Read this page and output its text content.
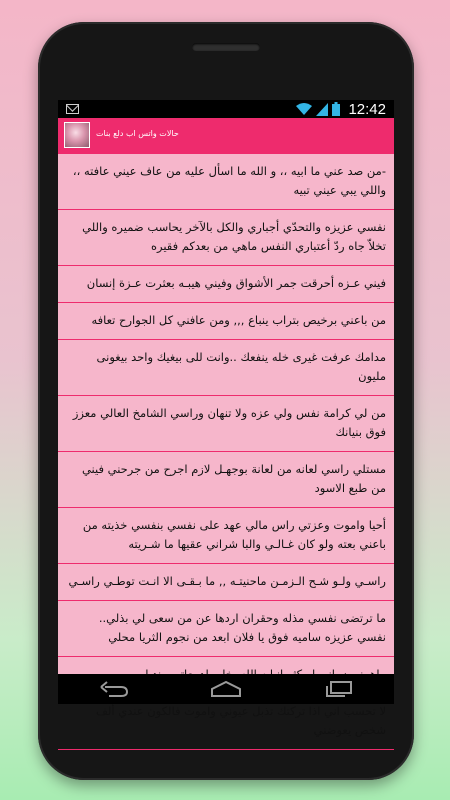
12:42
حالات واتس اب دلع بنات
-من صد عني ما ابيه ،، و الله ما اسأل عليه من عاف عيني عافته ،، واللي يبي عيني تبيه
نفسي عزيزه والتحدّي أجباري والكل بالآخر يحاسب ضميره واللي تخلاّ جاه ردّ أعتباري النفس ماهي من بعدكم فقيره
فيني عـزه أحرقت جمر الأشواق وفيني هيبـه بعثرت عـزة إنسان
من باعني برخيص بتراب ينباع ,,, ومن عافني كل الجوارح تعافه
مدامك عرفت غيرى خله ينفعك ..وانت للى بيغيك واحد بيغونى مليون
من لي كرامة نفس ولي عزه ولا تنهان وراسي الشامخ العالي معزز فوق بنيانك
مستلي راسي لعانه من لعانة بوجهـل لازم اجرح من جرحني فيني من طبع الاسود
أحيا واموت وعزتي راس مالي عهد على نفسي بنفسي خذيته من باعني بعته ولو كان غـالـي والبا شراني عقيها ما شـريته
راسـي ولـو شـح الـزمـن ماحنيتـه ,, ما بـقـى الا انـت توطـي راسـي
ما ترتضى نفسي مذله وحقران اردها عن من سعى لي بذلي.. نفسي عزيزه ساميه فوق يا فلان ابعد من نجوم الثريا محلي
لا تحسب اني اذا تركتك تذبل عيوني واموت فالكون عندي ألف شخص يعوضني
